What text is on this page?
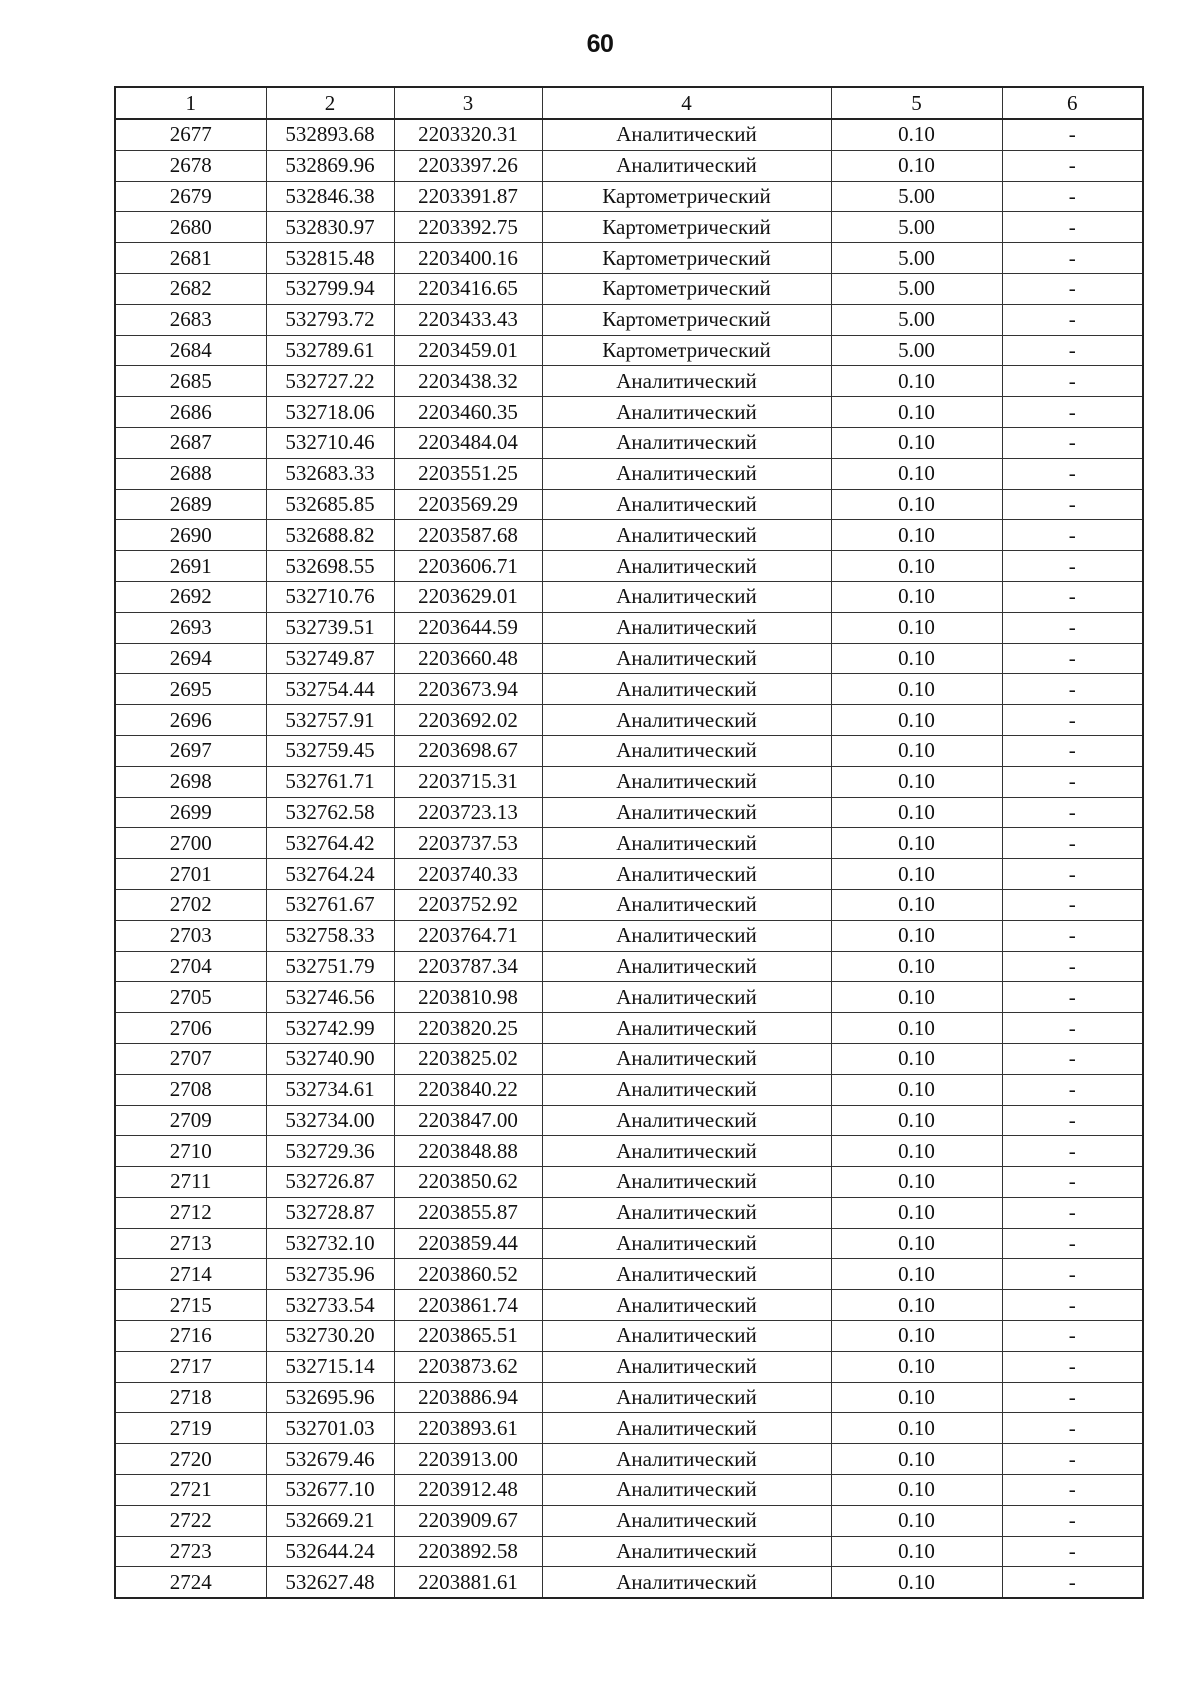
60
1	2	3	4	5	6
2677	532893.68	2203320.31	Аналитический	0.10	-
2678	532869.96	2203397.26	Аналитический	0.10	-
2679	532846.38	2203391.87	Картометрический	5.00	-
2680	532830.97	2203392.75	Картометрический	5.00	-
2681	532815.48	2203400.16	Картометрический	5.00	-
2682	532799.94	2203416.65	Картометрический	5.00	-
2683	532793.72	2203433.43	Картометрический	5.00	-
2684	532789.61	2203459.01	Картометрический	5.00	-
2685	532727.22	2203438.32	Аналитический	0.10	-
2686	532718.06	2203460.35	Аналитический	0.10	-
2687	532710.46	2203484.04	Аналитический	0.10	-
2688	532683.33	2203551.25	Аналитический	0.10	-
2689	532685.85	2203569.29	Аналитический	0.10	-
2690	532688.82	2203587.68	Аналитический	0.10	-
2691	532698.55	2203606.71	Аналитический	0.10	-
2692	532710.76	2203629.01	Аналитический	0.10	-
2693	532739.51	2203644.59	Аналитический	0.10	-
2694	532749.87	2203660.48	Аналитический	0.10	-
2695	532754.44	2203673.94	Аналитический	0.10	-
2696	532757.91	2203692.02	Аналитический	0.10	-
2697	532759.45	2203698.67	Аналитический	0.10	-
2698	532761.71	2203715.31	Аналитический	0.10	-
2699	532762.58	2203723.13	Аналитический	0.10	-
2700	532764.42	2203737.53	Аналитический	0.10	-
2701	532764.24	2203740.33	Аналитический	0.10	-
2702	532761.67	2203752.92	Аналитический	0.10	-
2703	532758.33	2203764.71	Аналитический	0.10	-
2704	532751.79	2203787.34	Аналитический	0.10	-
2705	532746.56	2203810.98	Аналитический	0.10	-
2706	532742.99	2203820.25	Аналитический	0.10	-
2707	532740.90	2203825.02	Аналитический	0.10	-
2708	532734.61	2203840.22	Аналитический	0.10	-
2709	532734.00	2203847.00	Аналитический	0.10	-
2710	532729.36	2203848.88	Аналитический	0.10	-
2711	532726.87	2203850.62	Аналитический	0.10	-
2712	532728.87	2203855.87	Аналитический	0.10	-
2713	532732.10	2203859.44	Аналитический	0.10	-
2714	532735.96	2203860.52	Аналитический	0.10	-
2715	532733.54	2203861.74	Аналитический	0.10	-
2716	532730.20	2203865.51	Аналитический	0.10	-
2717	532715.14	2203873.62	Аналитический	0.10	-
2718	532695.96	2203886.94	Аналитический	0.10	-
2719	532701.03	2203893.61	Аналитический	0.10	-
2720	532679.46	2203913.00	Аналитический	0.10	-
2721	532677.10	2203912.48	Аналитический	0.10	-
2722	532669.21	2203909.67	Аналитический	0.10	-
2723	532644.24	2203892.58	Аналитический	0.10	-
2724	532627.48	2203881.61	Аналитический	0.10	-
